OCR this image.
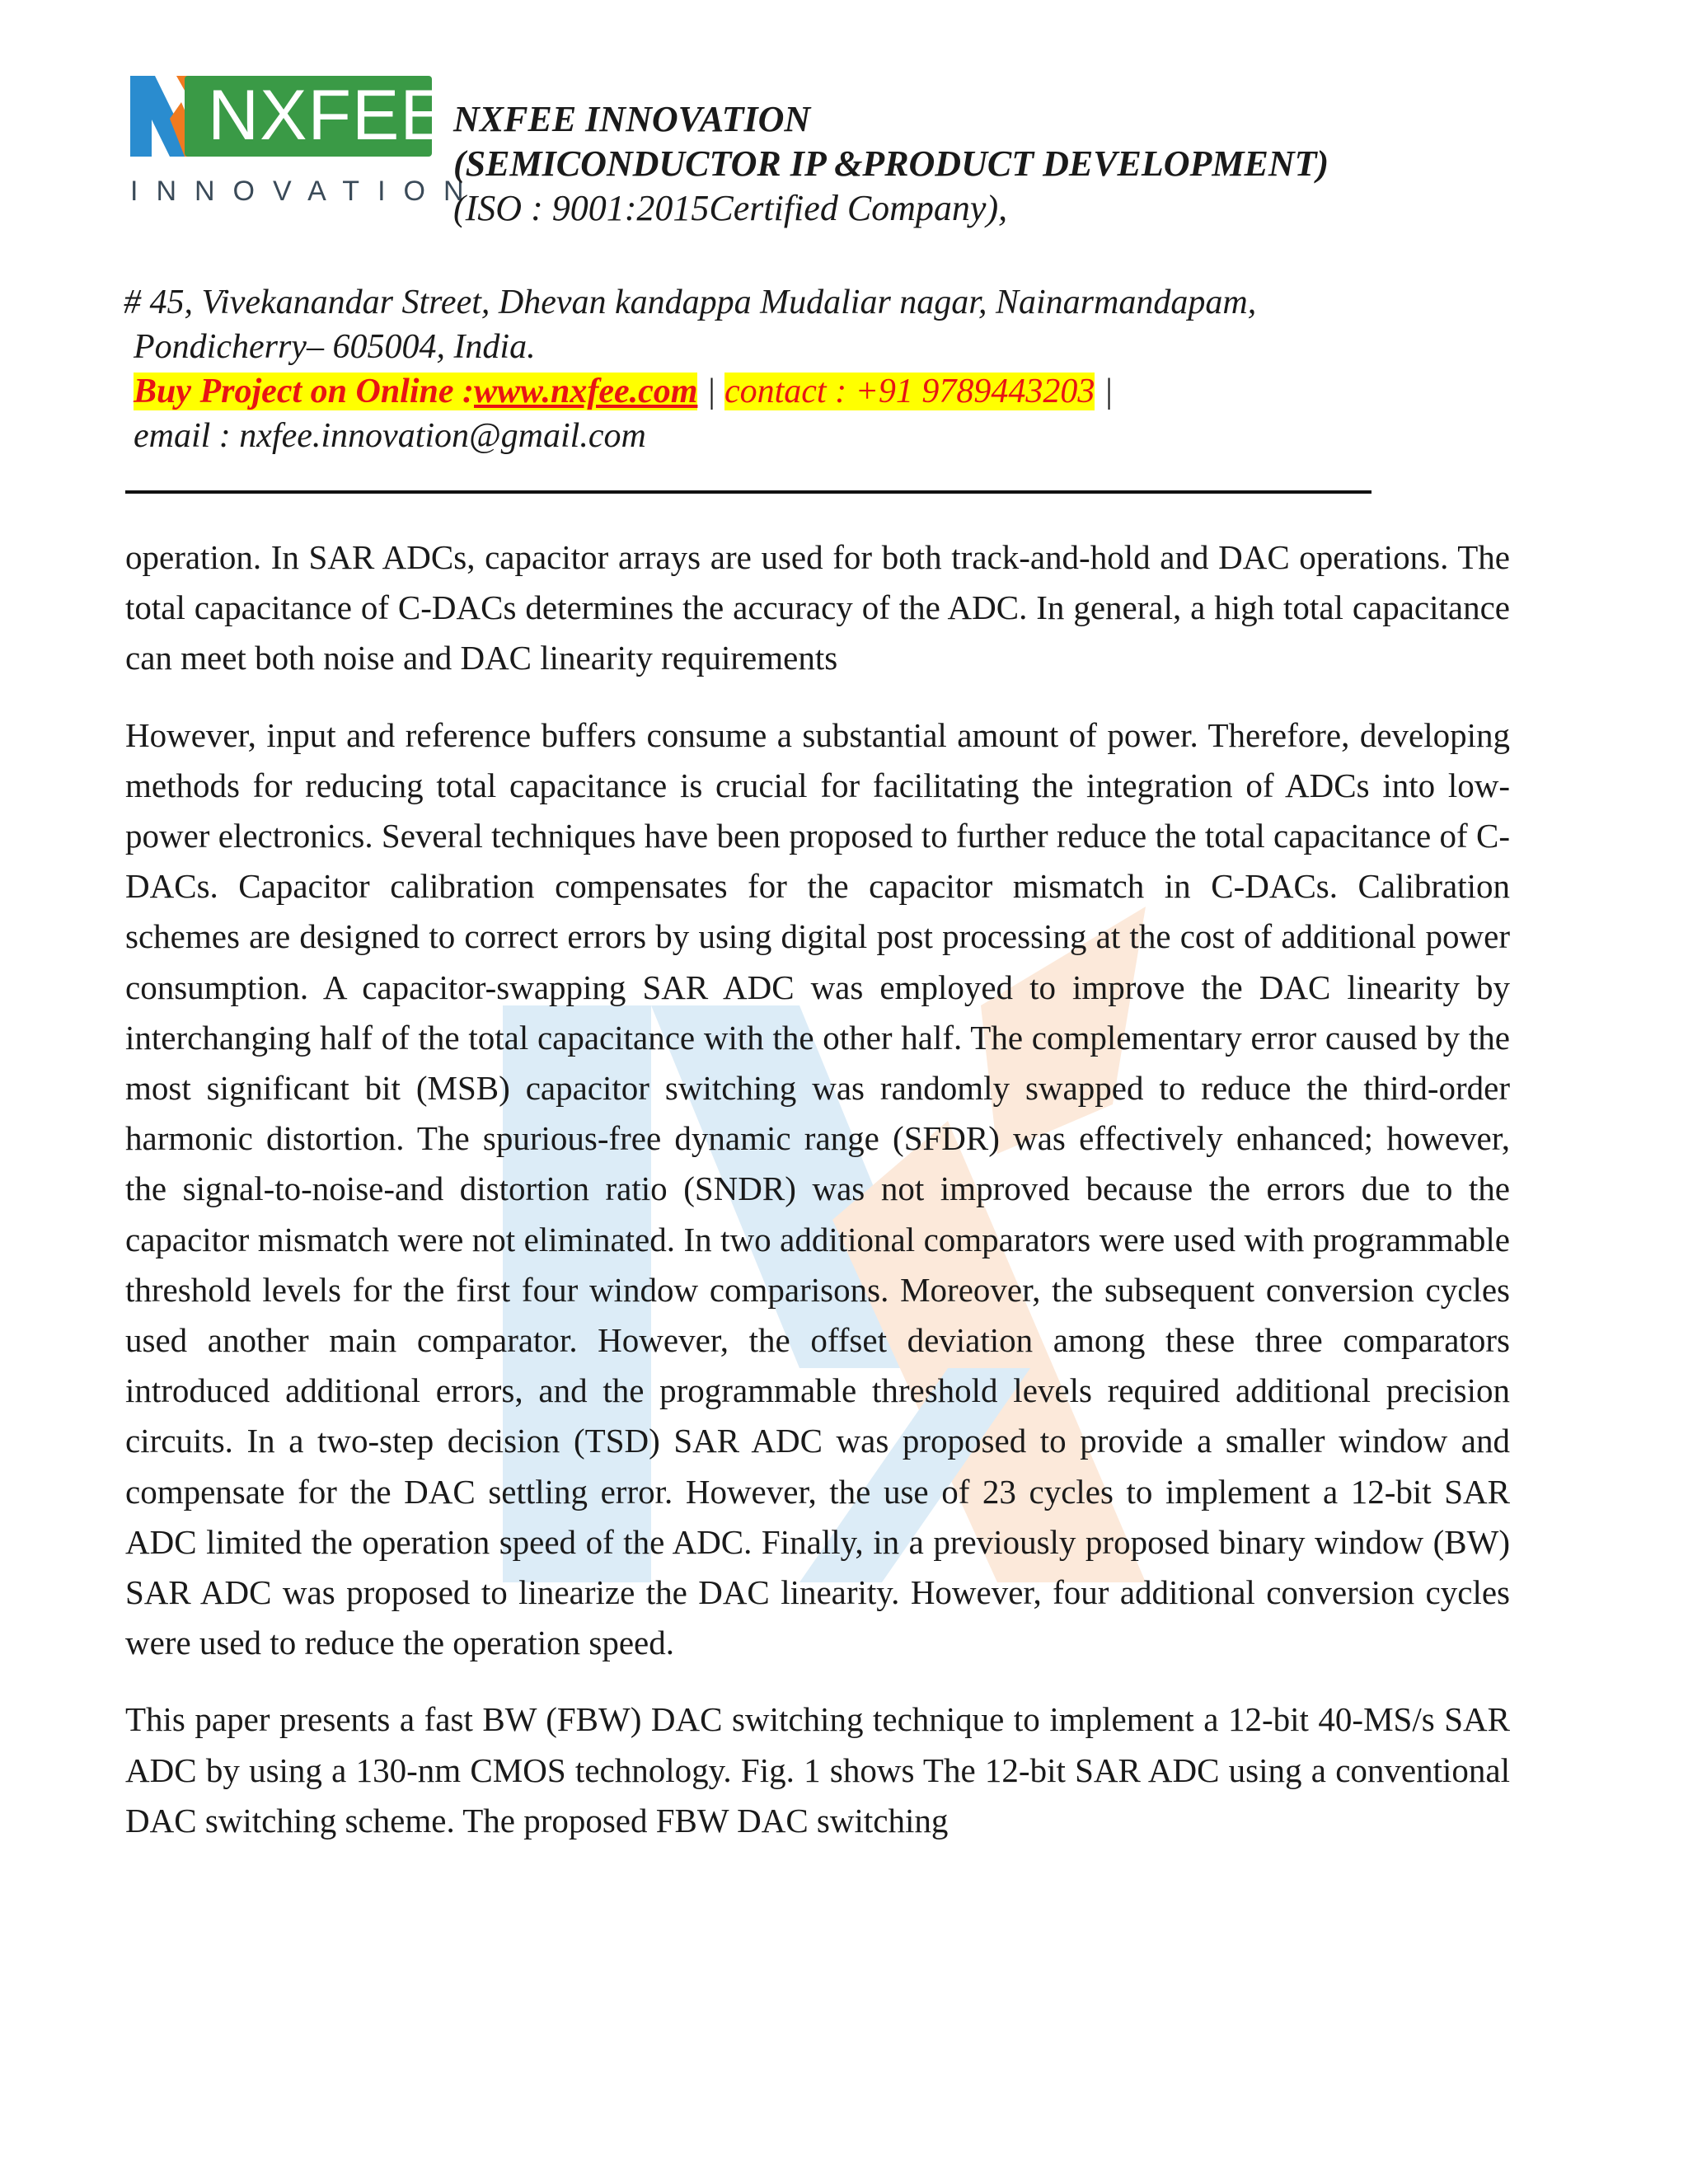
NXFEE
INNOVATION
NXFEE INNOVATION
(SEMICONDUCTOR IP &PRODUCT DEVELOPMENT)
(ISO : 9001:2015Certified Company),
# 45, Vivekanandar Street, Dhevan kandappa Mudaliar nagar, Nainarmandapam,
Pondicherry– 605004, India.
Buy Project on Online :www.nxfee.com | contact : +91 9789443203 |
email : nxfee.innovation@gmail.com

operation. In SAR ADCs, capacitor arrays are used for both track-and-hold and DAC operations. The total capacitance of C-DACs determines the accuracy of the ADC. In general, a high total capacitance can meet both noise and DAC linearity requirements

However, input and reference buffers consume a substantial amount of power. Therefore, developing methods for reducing total capacitance is crucial for facilitating the integration of ADCs into low-power electronics. Several techniques have been proposed to further reduce the total capacitance of C-DACs. Capacitor calibration compensates for the capacitor mismatch in C-DACs. Calibration schemes are designed to correct errors by using digital post processing at the cost of additional power consumption. A capacitor-swapping SAR ADC was employed to improve the DAC linearity by interchanging half of the total capacitance with the other half. The complementary error caused by the most significant bit (MSB) capacitor switching was randomly swapped to reduce the third-order harmonic distortion. The spurious-free dynamic range (SFDR) was effectively enhanced; however, the signal-to-noise-and distortion ratio (SNDR) was not improved because the errors due to the capacitor mismatch were not eliminated. In two additional comparators were used with programmable threshold levels for the first four window comparisons. Moreover, the subsequent conversion cycles used another main comparator. However, the offset deviation among these three comparators introduced additional errors, and the programmable threshold levels required additional precision circuits. In a two-step decision (TSD) SAR ADC was proposed to provide a smaller window and compensate for the DAC settling error. However, the use of 23 cycles to implement a 12-bit SAR ADC limited the operation speed of the ADC. Finally, in a previously proposed binary window (BW) SAR ADC was proposed to linearize the DAC linearity. However, four additional conversion cycles were used to reduce the operation speed.

This paper presents a fast BW (FBW) DAC switching technique to implement a 12-bit 40-MS/s SAR ADC by using a 130-nm CMOS technology. Fig. 1 shows The 12-bit SAR ADC using a conventional DAC switching scheme. The proposed FBW DAC switching
